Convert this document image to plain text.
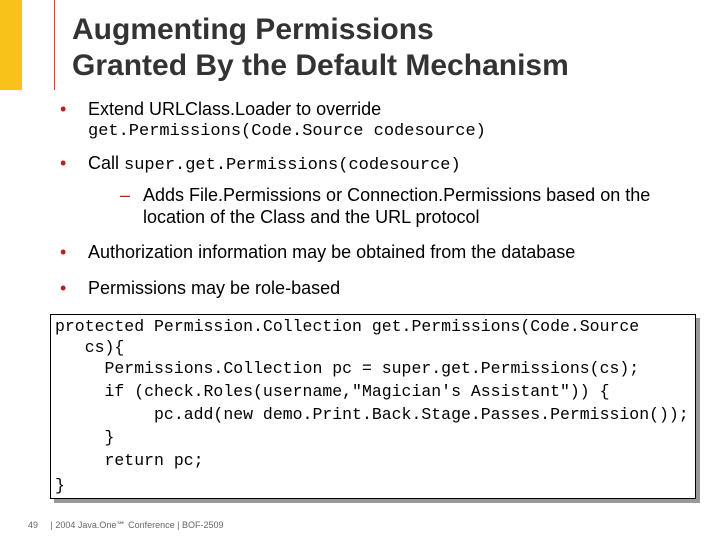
Augmenting Permissions
Granted By the Default Mechanism
• Extend URLClass.Loader to override
get.Permissions(Code.Source codesource)
• Call super.get.Permissions(codesource)
– Adds File.Permissions or Connection.Permissions based on the
location of the Class and the URL protocol
• Authorization information may be obtained from the database
• Permissions may be role-based
protected Permission.Collection get.Permissions(Code.Source
cs){
Permissions.Collection pc = super.get.Permissions(cs);
if (check.Roles(username,"Magician's Assistant")) {
pc.add(new demo.Print.Back.Stage.Passes.Permission());
}
return pc;
}
49 | 2004 Java.One℠ Conference | BOF-2509
